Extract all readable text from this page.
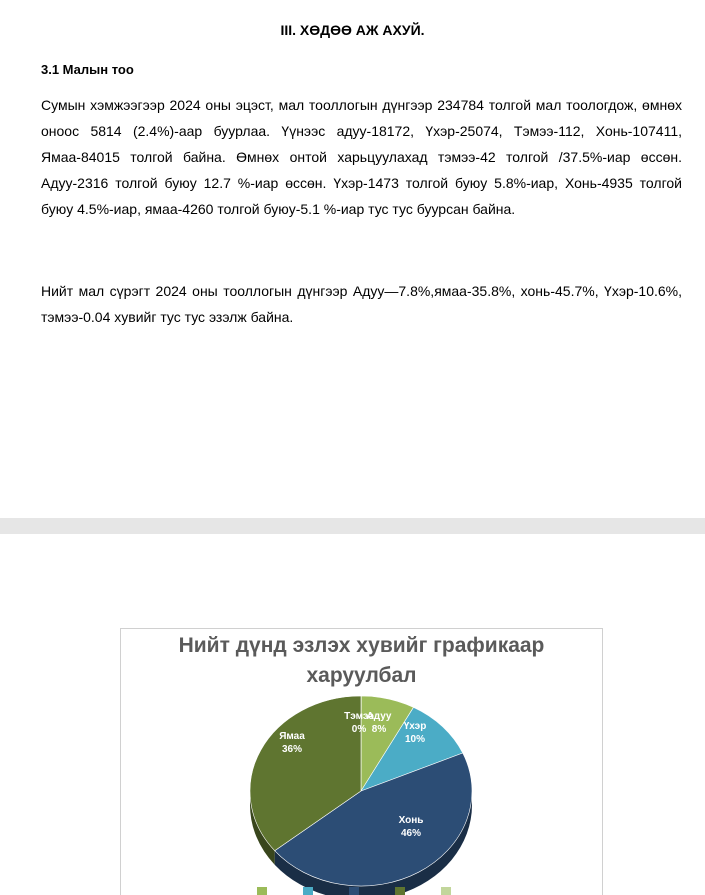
III. ХӨДӨӨ АЖ АХУЙ.
3.1 Малын тоо

Сумын хэмжээгээр 2024 оны эцэст, мал тооллогын дүнгээр 234784 толгой мал тоологдож, өмнөх оноос 5814 (2.4%)-аар буурлаа. Үүнээс адуу-18172, Үхэр-25074, Тэмээ-112, Хонь-107411, Ямаа-84015 толгой байна. Өмнөх онтой харьцуулахад тэмээ-42 толгой /37.5%-иар өссөн. Адуу-2316 толгой буюу 12.7 %-иар өссөн. Үхэр-1473 толгой буюу 5.8%-иар, Хонь-4935 толгой буюу 4.5%-иар, ямаа-4260 толгой буюу-5.1 %-иар тус тус буурсан байна.

Нийт мал сүрэгт 2024 оны тооллогын дүнгээр Адуу—7.8%,ямаа-35.8%, хонь-45.7%, Үхэр-10.6%, тэмээ-0.04 хувийг тус тус эзэлж байна.

Нийт дүнд эзлэх хувийг графикаар
харуулбал
Тэмээ
0%
Адуу
8% Үхэр
10%
Хонь
46%
Ямаа
36%
